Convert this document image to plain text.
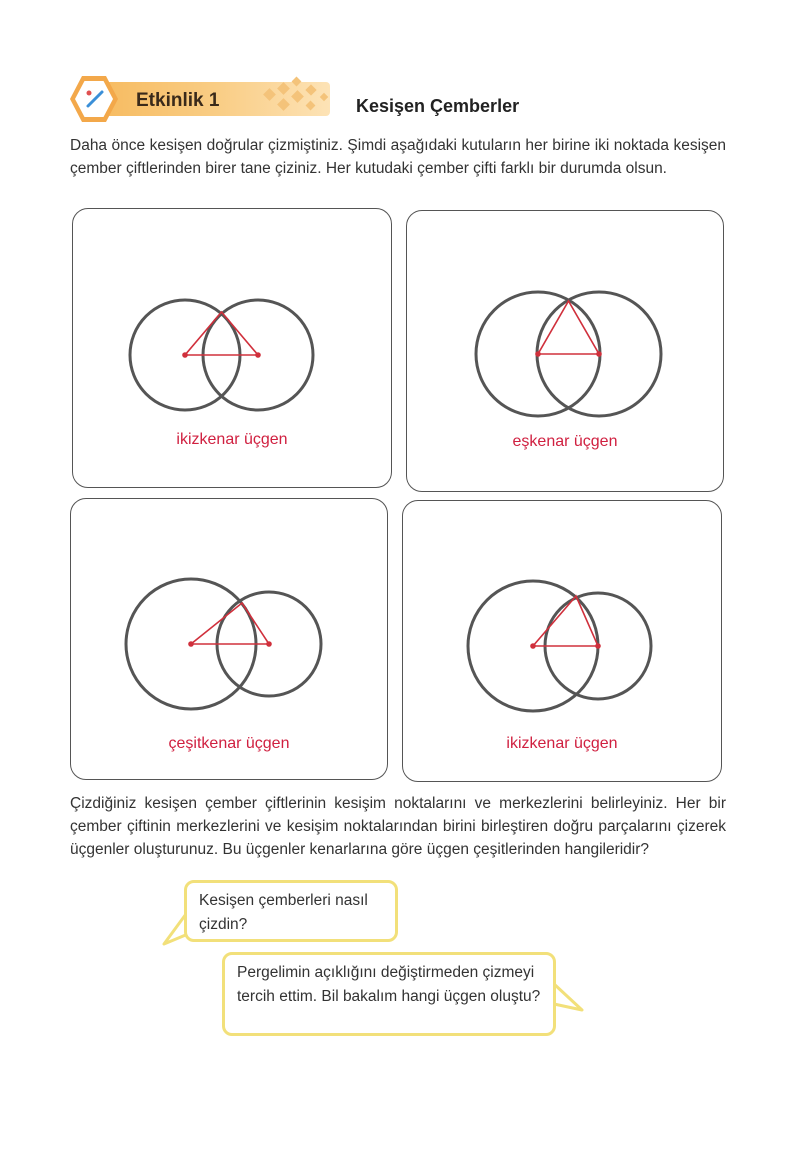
Etkinlik 1	Kesişen Çemberler

Daha önce kesişen doğrular çizmiştiniz. Şimdi aşağıdaki kutuların her birine iki noktada kesişen çember çiftlerinden birer tane çiziniz. Her kutudaki çember çifti farklı bir durumda olsun.

ikizkenar üçgen	eşkenar üçgen
çeşitkenar üçgen	ikizkenar üçgen

Çizdiğiniz kesişen çember çiftlerinin kesişim noktalarını ve merkezlerini belirleyiniz. Her bir çember çiftinin merkezlerini ve kesişim noktalarından birini birleştiren doğru parçalarını çizerek üçgenler oluşturunuz. Bu üçgenler kenarlarına göre üçgen çeşitlerinden hangileridir?

Kesişen çemberleri nasıl çizdin?
Pergelimin açıklığını değiştirmeden çizmeyi tercih ettim. Bil bakalım hangi üçgen oluştu?
